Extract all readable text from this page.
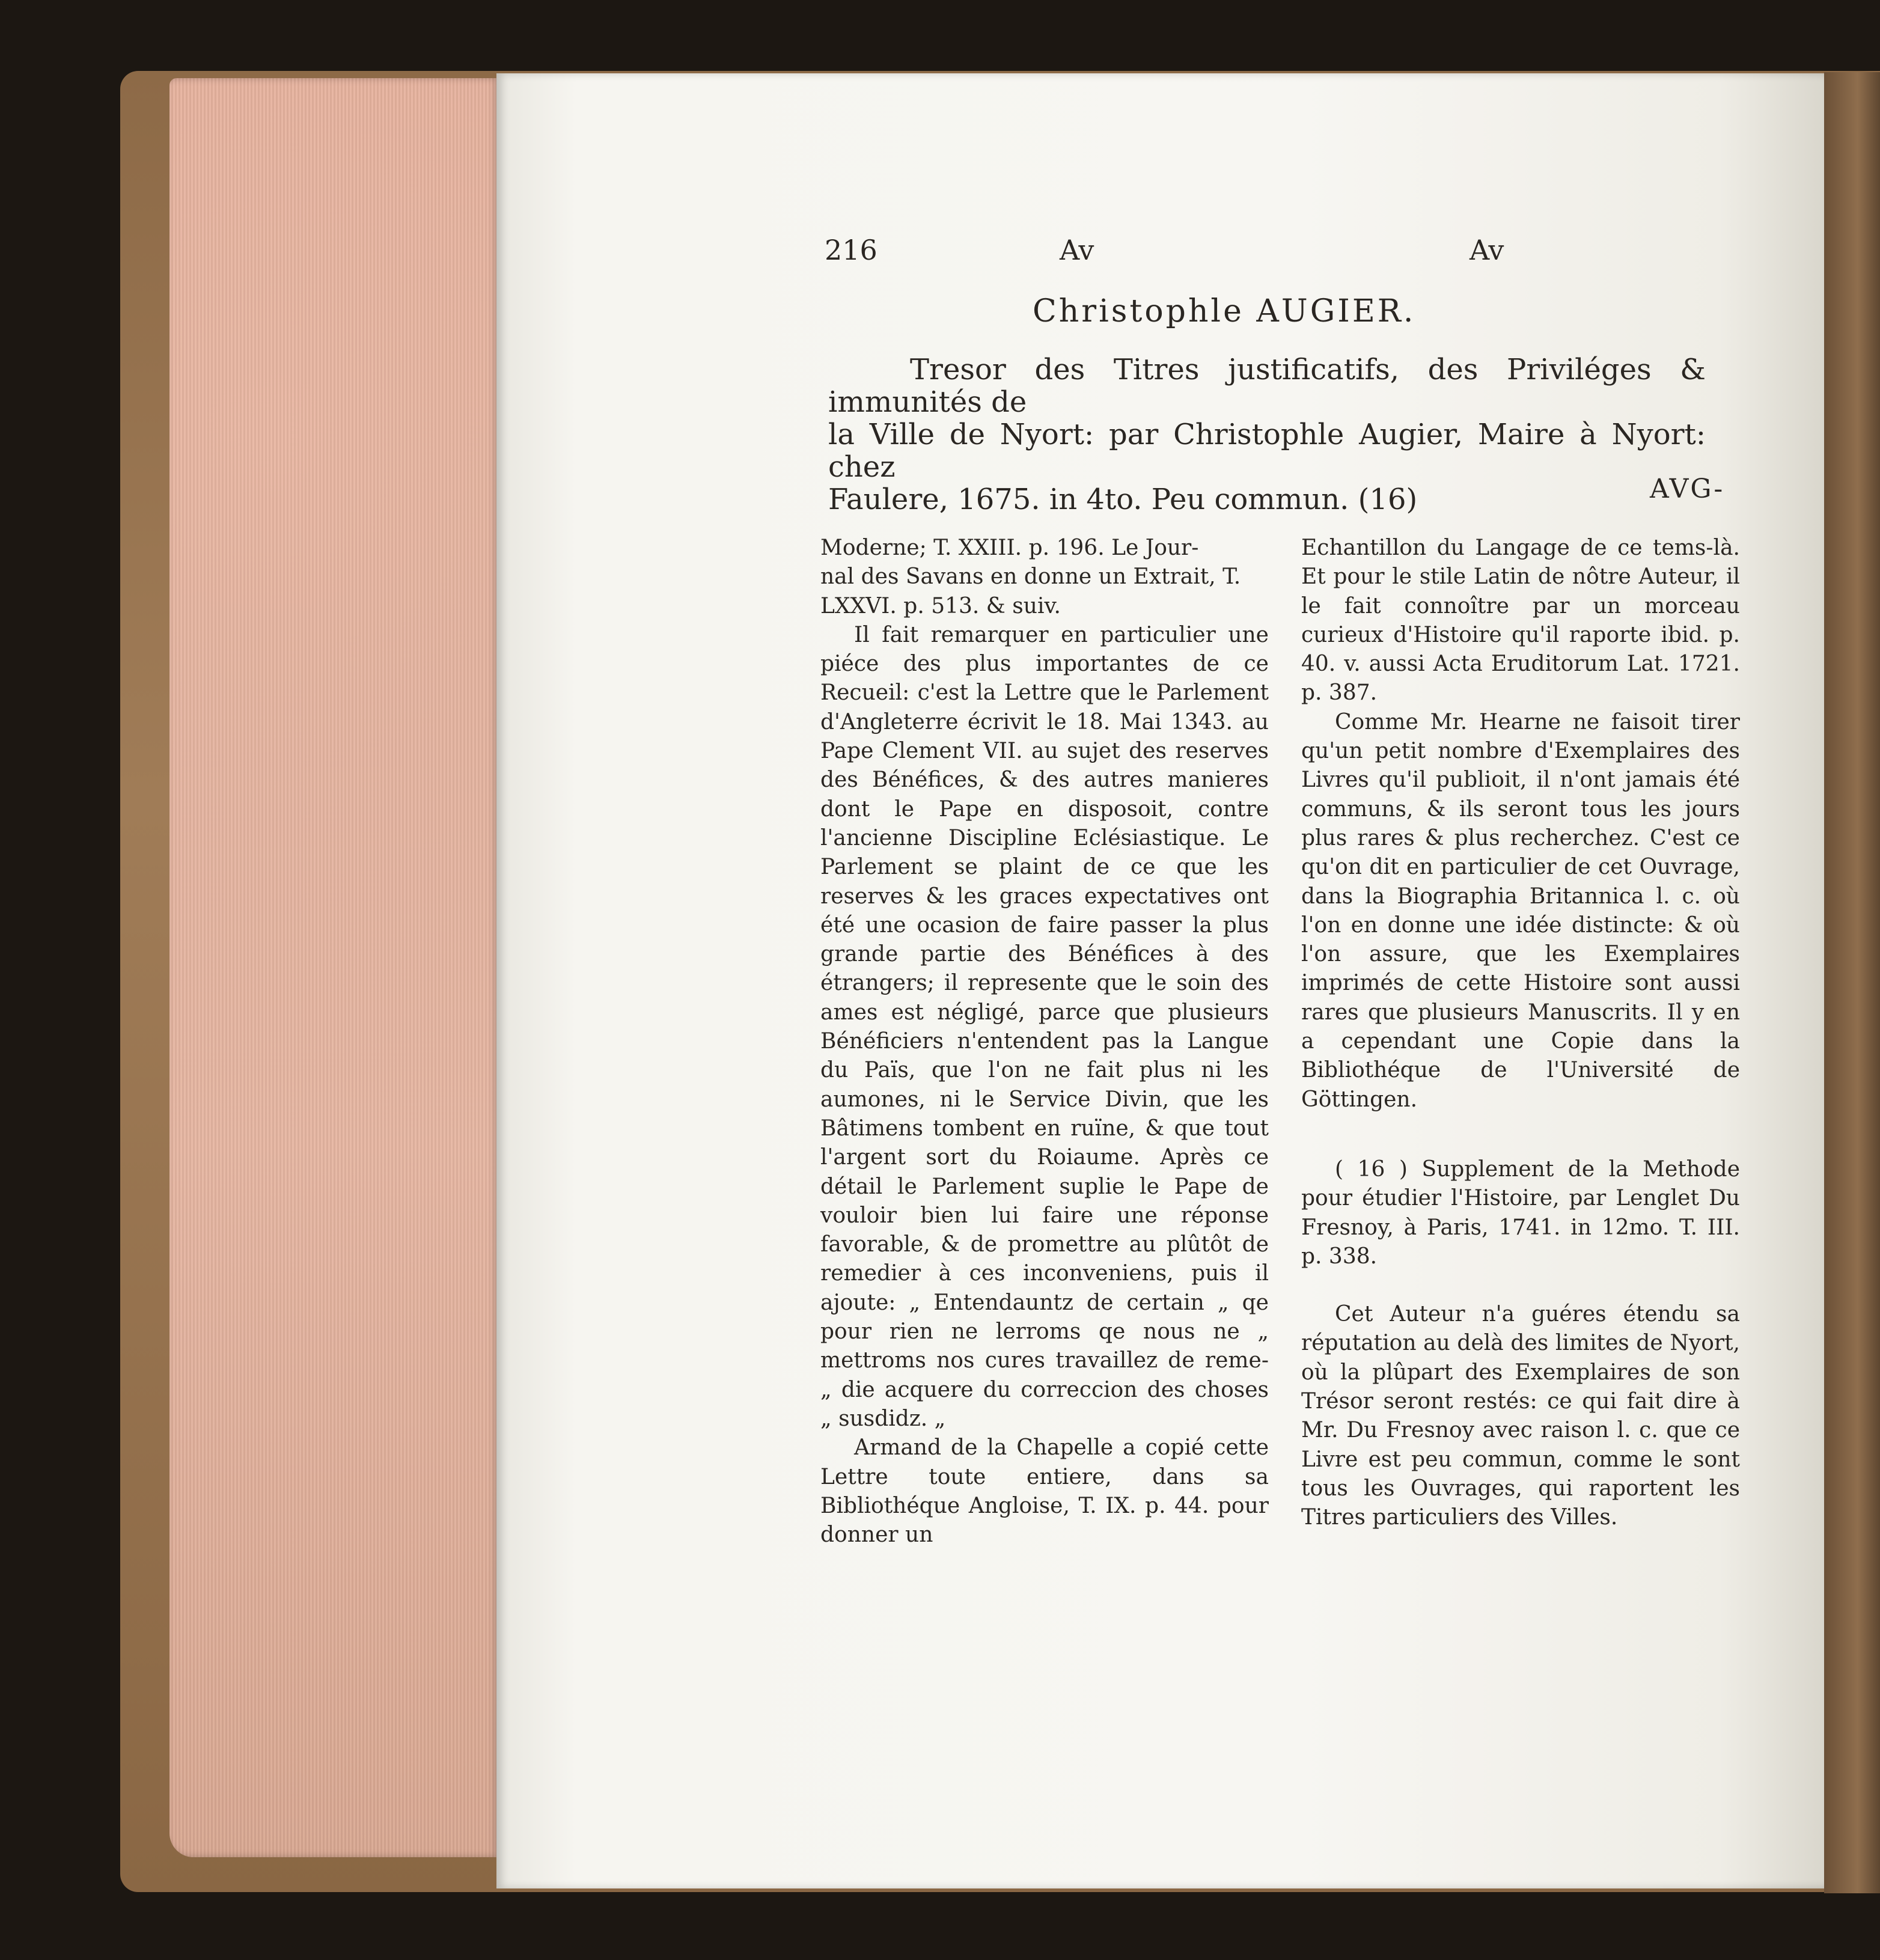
216	Av	Av
Christophle AUGIER.
Tresor des Titres justificatifs, des Priviléges & immunités de
la Ville de Nyort: par Christophle Augier, Maire à Nyort: chez
Faulere, 1675. in 4to. Peu commun. (16)	AVG-

Moderne; T. XXIII. p. 196. Le Jour-

nal des Savans en donne un Extrait, T.

LXXVI. p. 513. & suiv.

Il fait remarquer en particulier une piéce des plus importantes de ce Recueil: c'est la Lettre que le Parlement d'Angleterre écrivit le 18. Mai 1343. au Pape Clement VII. au sujet des reserves des Bénéfices, & des autres manieres dont le Pape en disposoit, contre l'ancienne Discipline Eclésiastique. Le Parlement se plaint de ce que les reserves & les graces expectatives ont été une ocasion de faire passer la plus grande partie des Bénéfices à des étrangers; il represente que le soin des ames est négligé, parce que plusieurs Bénéficiers n'entendent pas la Langue du Païs, que l'on ne fait plus ni les aumones, ni le Service Divin, que les Bâtimens tombent en ruïne, & que tout l'argent sort du Roiaume. Après ce détail le Parlement suplie le Pape de vouloir bien lui faire une réponse favorable, & de promettre au plûtôt de remedier à ces inconveniens, puis il ajoute: „ Entendauntz de certain „ qe pour rien ne lerroms qe nous ne „ mettroms nos cures travaillez de reme- „ die acquere du correccion des choses „ susdidz. „

Armand de la Chapelle a copié cette Lettre toute entiere, dans sa Bibliothéque Angloise, T. IX. p. 44. pour donner un

Echantillon du Langage de ce tems-là. Et pour le stile Latin de nôtre Auteur, il le fait connoître par un morceau curieux d'Histoire qu'il raporte ibid. p. 40. v. aussi Acta Eruditorum Lat. 1721. p. 387.

Comme Mr. Hearne ne faisoit tirer qu'un petit nombre d'Exemplaires des Livres qu'il publioit, il n'ont jamais été communs, & ils seront tous les jours plus rares & plus recherchez. C'est ce qu'on dit en particulier de cet Ouvrage, dans la Biographia Britannica l. c. où l'on en donne une idée distincte: & où l'on assure, que les Exemplaires imprimés de cette Histoire sont aussi rares que plusieurs Manuscrits. Il y en a cependant une Copie dans la Bibliothéque de l'Université de Göttingen.

( 16 ) Supplement de la Methode pour étudier l'Histoire, par Lenglet Du Fresnoy, à Paris, 1741. in 12mo. T. III. p. 338.

Cet Auteur n'a guéres étendu sa réputation au delà des limites de Nyort, où la plûpart des Exemplaires de son Trésor seront restés: ce qui fait dire à Mr. Du Fresnoy avec raison l. c. que ce Livre est peu commun, comme le sont tous les Ouvrages, qui raportent les Titres particuliers des Villes.
